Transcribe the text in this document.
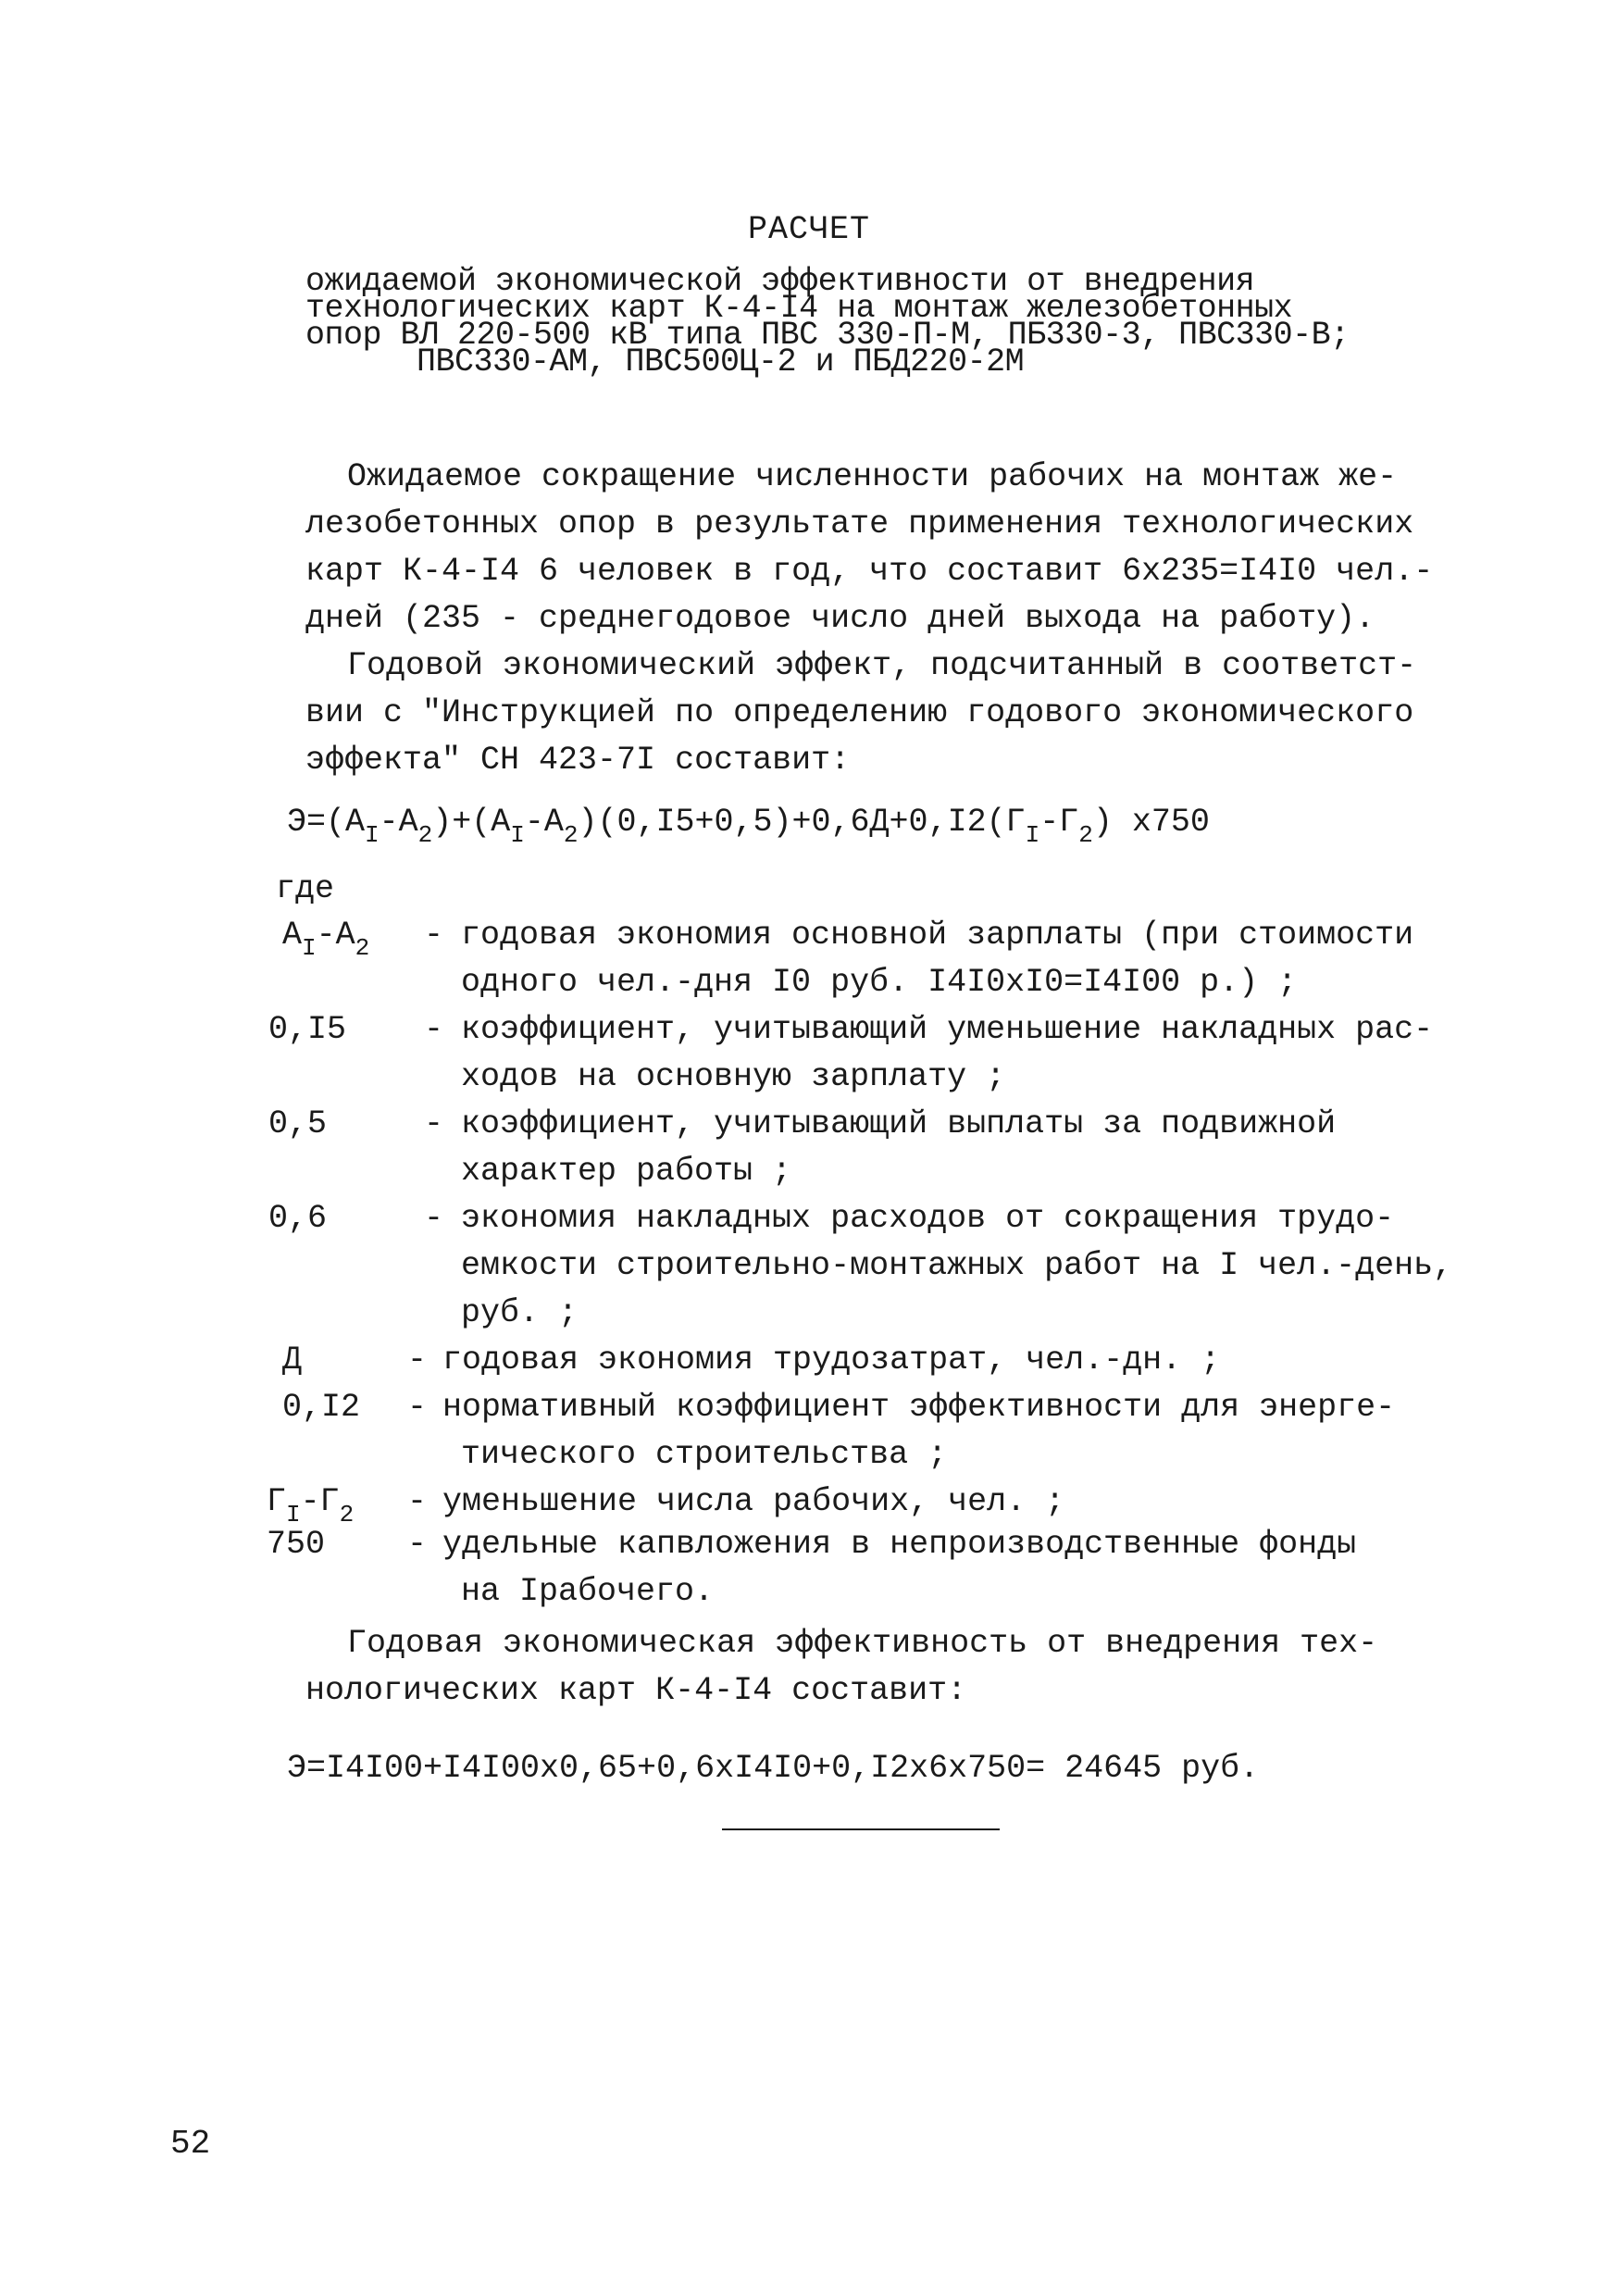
РАСЧЕТ
ожидаемой экономической эффективности от внедрения
технологических карт К-4-I4 на монтаж железобетонных
опор ВЛ 220-500 кВ типа ПВС 330-П-М, ПБ330-3, ПВС330-В;
ПВС330-АМ, ПВС500Ц-2 и ПБД220-2М
Ожидаемое сокращение численности рабочих на монтаж же-
лезобетонных опор в результате применения технологических
карт К-4-I4 6 человек в год, что составит 6х235=I4I0 чел.-
дней (235 - среднегодовое число дней выхода на работу).
Годовой экономический эффект, подсчитанный в соответст-
вии с "Инструкцией по определению годового экономического
эффекта" СН 423-7I составит:
$Э=(А_I-А_2)+(А_I-А_2)(0,I5+0,5)+0,6Д+0,I2(Г_I-Г_2)$ х750
где
$А_I-А_2$ - годовая экономия основной зарплаты (при стоимости
одного чел.-дня I0 руб. I4I0хI0=I4I00 р.) ;
0,I5 - коэффициент, учитывающий уменьшение накладных рас-
ходов на основную зарплату ;
0,5	- коэффициент, учитывающий выплаты за подвижной
характер работы ;
0,6	- экономия накладных расходов от сокращения трудо-
емкости строительно-монтажных работ на I чел.-день,
руб. ;
Д	- годовая экономия трудозатрат, чел.-дн. ;
0,I2 - нормативный коэффициент эффективности для энерге-
тического строительства ;
$Г_I-Г_2$ - уменьшение числа рабочих, чел. ;
750	- удельные капвложения в непроизводственные фонды
на Iрабочего.
Годовая экономическая эффективность от внедрения тех-
нологических карт К-4-I4 составит:
Э=I4I00+I4I00х0,65+0,6хI4I0+0,I2х6х750= 24645 руб.
52
